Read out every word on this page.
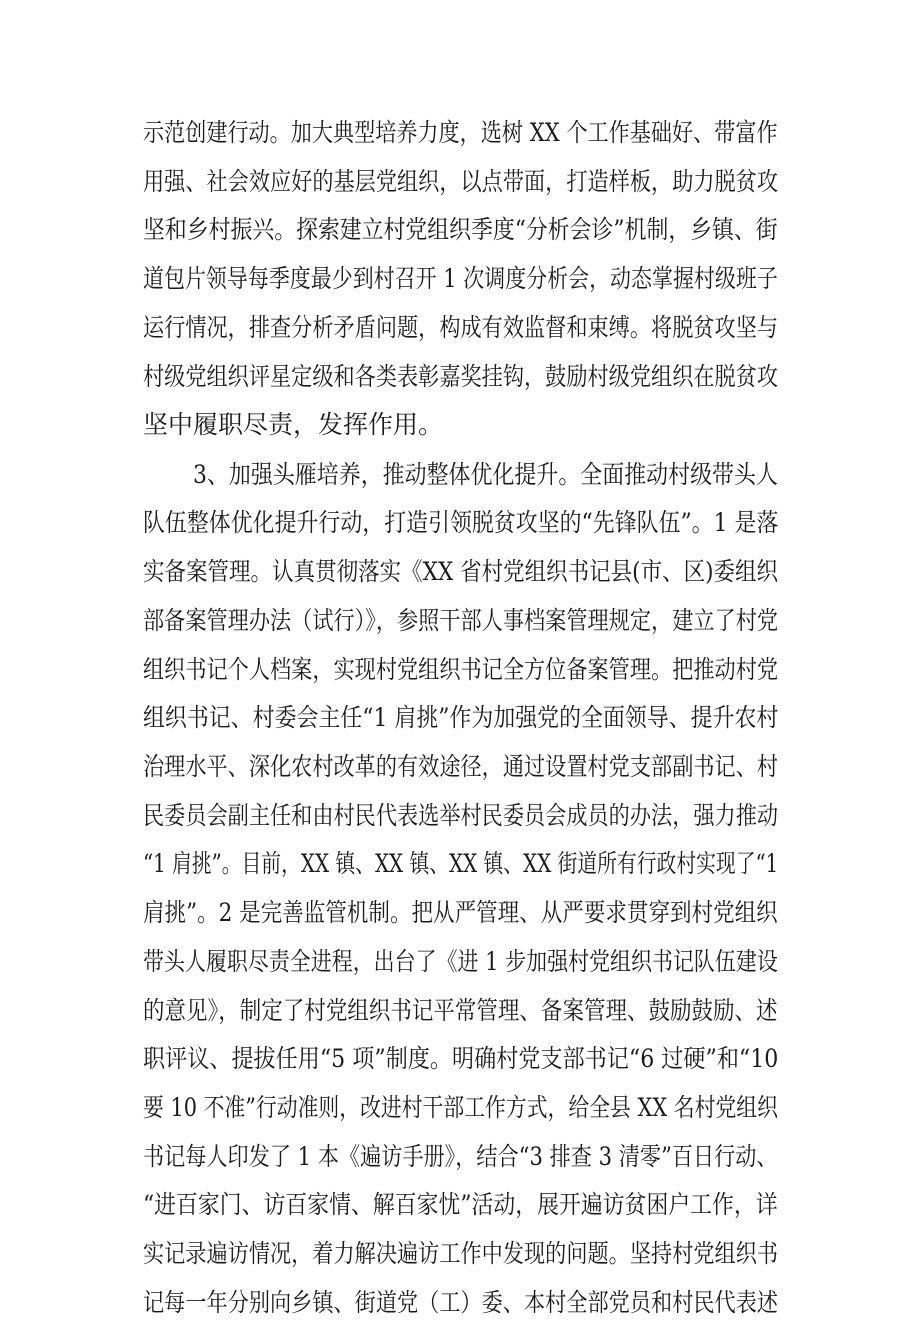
示范创建行动。加大典型培养力度，选树 XX 个工作基础好、带富作
用强、社会效应好的基层党组织，以点带面，打造样板，助力脱贫攻
坚和乡村振兴。探索建立村党组织季度“分析会诊”机制，乡镇、街
道包片领导每季度最少到村召开 1 次调度分析会，动态掌握村级班子
运行情况，排查分析矛盾问题，构成有效监督和束缚。将脱贫攻坚与
村级党组织评星定级和各类表彰嘉奖挂钩，鼓励村级党组织在脱贫攻
坚中履职尽责，发挥作用。
3、加强头雁培养，推动整体优化提升。全面推动村级带头人
队伍整体优化提升行动，打造引领脱贫攻坚的“先锋队伍”。1 是落
实备案管理。认真贯彻落实《XX 省村党组织书记县(市、区)委组织
部备案管理办法（试行）》，参照干部人事档案管理规定，建立了村党
组织书记个人档案，实现村党组织书记全方位备案管理。把推动村党
组织书记、村委会主任“1 肩挑”作为加强党的全面领导、提升农村
治理水平、深化农村改革的有效途径，通过设置村党支部副书记、村
民委员会副主任和由村民代表选举村民委员会成员的办法，强力推动
“1 肩挑”。目前，XX 镇、XX 镇、XX 镇、XX 街道所有行政村实现了“1
肩挑”。2 是完善监管机制。把从严管理、从严要求贯穿到村党组织
带头人履职尽责全进程，出台了《进 1 步加强村党组织书记队伍建设
的意见》，制定了村党组织书记平常管理、备案管理、鼓励鼓励、述
职评议、提拔任用“5 项”制度。明确村党支部书记“6 过硬”和“10
要 10 不准”行动准则，改进村干部工作方式，给全县 XX 名村党组织
书记每人印发了 1 本《遍访手册》，结合“3 排查 3 清零”百日行动、
“进百家门、访百家情、解百家忧”活动，展开遍访贫困户工作，详
实记录遍访情况，着力解决遍访工作中发现的问题。坚持村党组织书
记每一年分别向乡镇、街道党（工）委、本村全部党员和村民代表述
